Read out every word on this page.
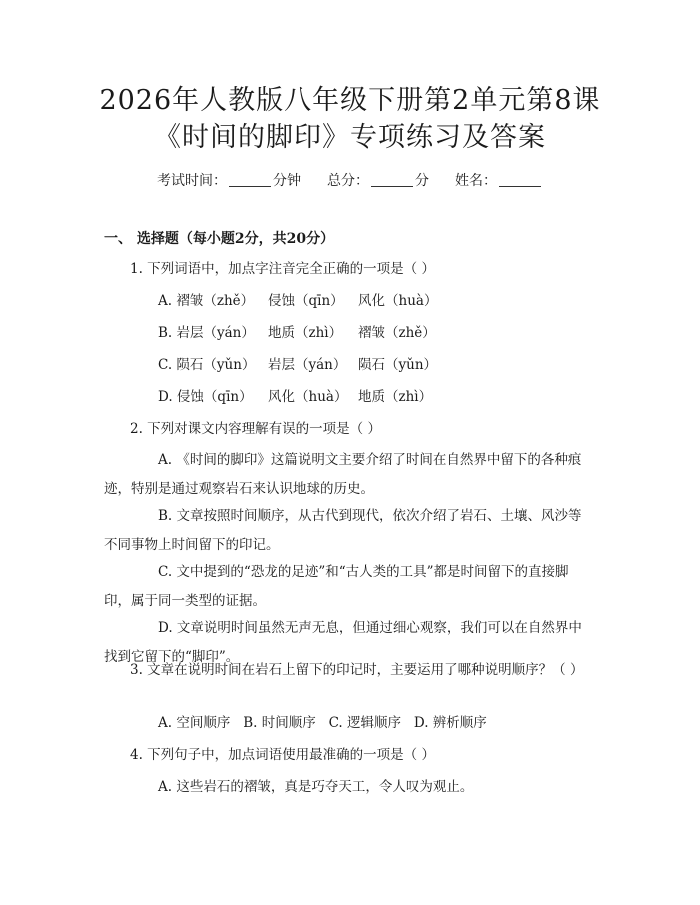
2026年人教版八年级下册第2单元第8课
《时间的脚印》专项练习及答案
考试时间：	分钟 总分：	分 姓名：
一、 选择题（每小题2分，共20分）
1. 下列词语中，加点字注音完全正确的一项是（ ）
A. 褶皱（zhě） 侵蚀（qīn） 风化（huà）
B. 岩层（yán） 地质（zhì） 褶皱（zhě）
C. 陨石（yǔn） 岩层（yán） 陨石（yǔn）
D. 侵蚀（qīn） 风化（huà） 地质（zhì）
2. 下列对课文内容理解有误的一项是（ ）
A. 《时间的脚印》这篇说明文主要介绍了时间在自然界中留下的各种痕迹，特别是通过观察岩石来认识地球的历史。
B. 文章按照时间顺序，从古代到现代，依次介绍了岩石、土壤、风沙等不同事物上时间留下的印记。
C. 文中提到的“恐龙的足迹”和“古人类的工具”都是时间留下的直接脚印，属于同一类型的证据。
D. 文章说明时间虽然无声无息，但通过细心观察，我们可以在自然界中找到它留下的“脚印”。
3. 文章在说明时间在岩石上留下的印记时，主要运用了哪种说明顺序？（ ）
A. 空间顺序   B. 时间顺序   C. 逻辑顺序   D. 辨析顺序
4. 下列句子中，加点词语使用最准确的一项是（ ）
A. 这些岩石的褶皱，真是巧夺天工，令人叹为观止。
